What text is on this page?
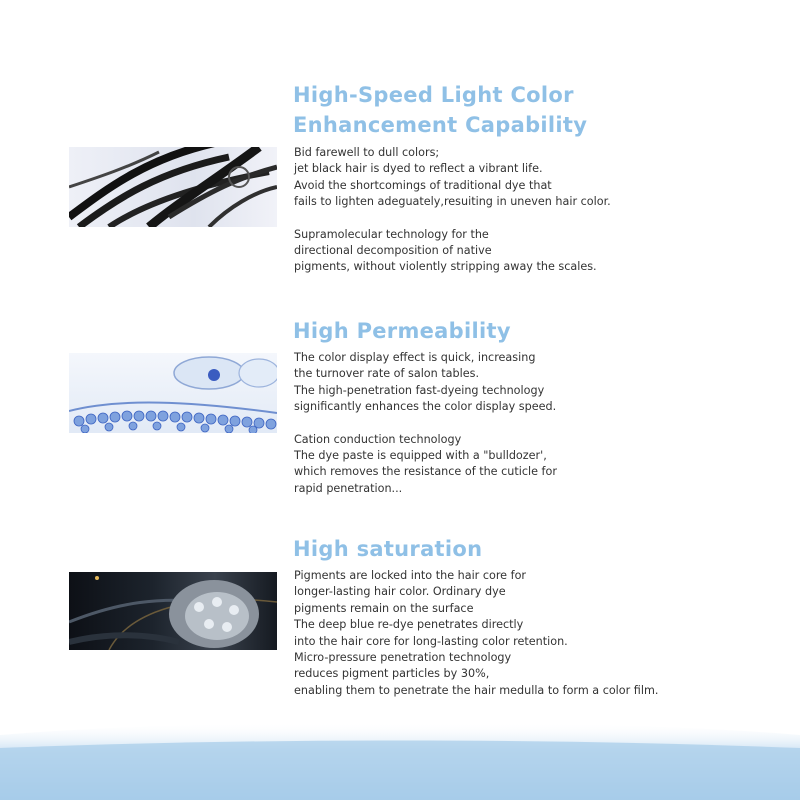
High-Speed Light Color
Enhancement Capability
Bid farewell to dull colors;
jet black hair is dyed to reflect a vibrant life.
Avoid the shortcomings of traditional dye that
fails to lighten adeguately,resuiting in uneven hair color.
Supramolecular technology for the
directional decomposition of native
pigments, without violently stripping away the scales.
High Permeability
The color display effect is quick, increasing
the turnover rate of salon tables.
The high-penetration fast-dyeing technology
significantly enhances the color display speed.
Cation conduction technology
The dye paste is equipped with a "bulldozer',
which removes the resistance of the cuticle for
rapid penetration...
High saturation
Pigments are locked into the hair core for
longer-lasting hair color. Ordinary dye
pigments remain on the surface
The deep blue re-dye penetrates directly
into the hair core for long-lasting color retention.
Micro-pressure penetration technology
reduces pigment particles by 30%,
enabling them to penetrate the hair medulla to form a color film.
